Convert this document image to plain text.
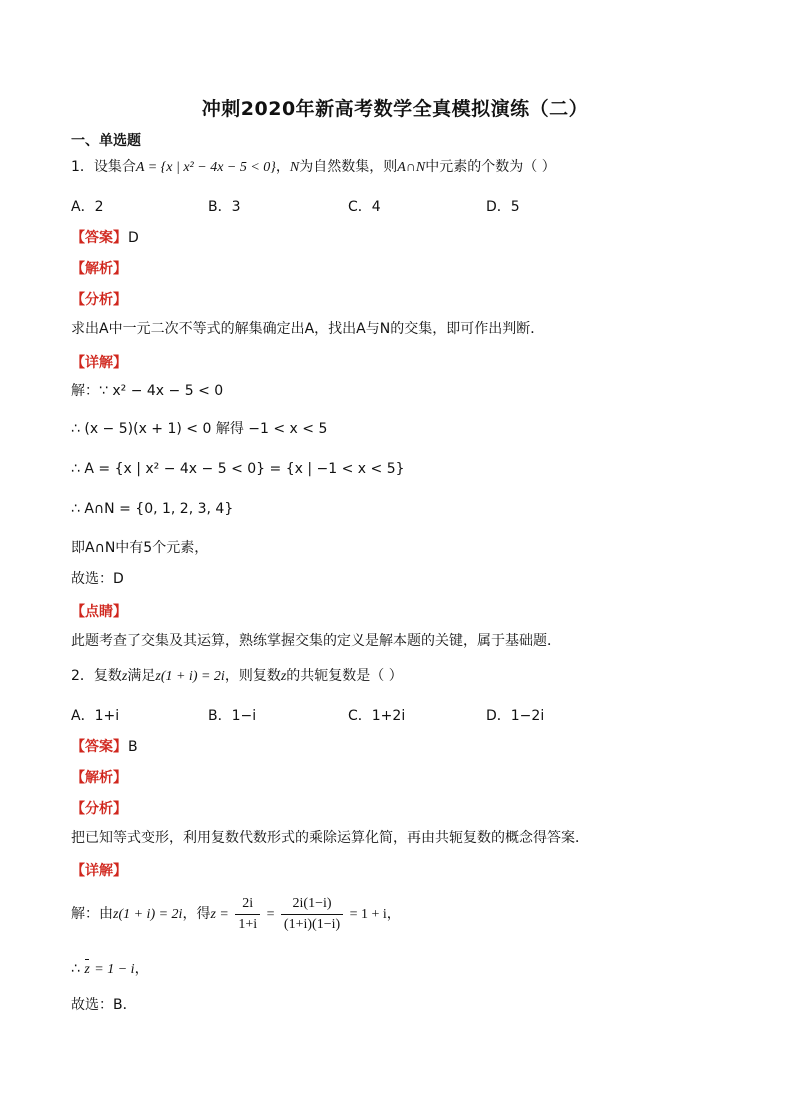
冲刺2020年新高考数学全真模拟演练（二）
一、单选题
1．设集合A = {x | x² − 4x − 5 < 0}，N为自然数集，则A∩N中元素的个数为（ ）
A．2	B．3	C．4	D．5
【答案】D
【解析】
【分析】
求出A中一元二次不等式的解集确定出A，找出A与N的交集，即可作出判断．
【详解】
解：∵ x² − 4x − 5 < 0
∴ (x − 5)(x + 1) < 0 解得 −1 < x < 5
∴ A = {x | x² − 4x − 5 < 0} = {x | −1 < x < 5}
∴ A∩N = {0, 1, 2, 3, 4}
即A∩N中有5个元素，
故选：D
【点睛】
此题考查了交集及其运算，熟练掌握交集的定义是解本题的关键，属于基础题．
2．复数z满足z(1 + i) = 2i，则复数z的共轭复数是（ ）
A．1+i	B．1−i	C．1+2i	D．1−2i
【答案】B
【解析】
【分析】
把已知等式变形，利用复数代数形式的乘除运算化简，再由共轭复数的概念得答案．
【详解】
解：由z(1 + i) = 2i，得$z = \frac{2i}{1+i} = \frac{2i(1-i)}{(1+i)(1-i)} = 1 + i$，
∴ z = 1 − i，
故选：B．
